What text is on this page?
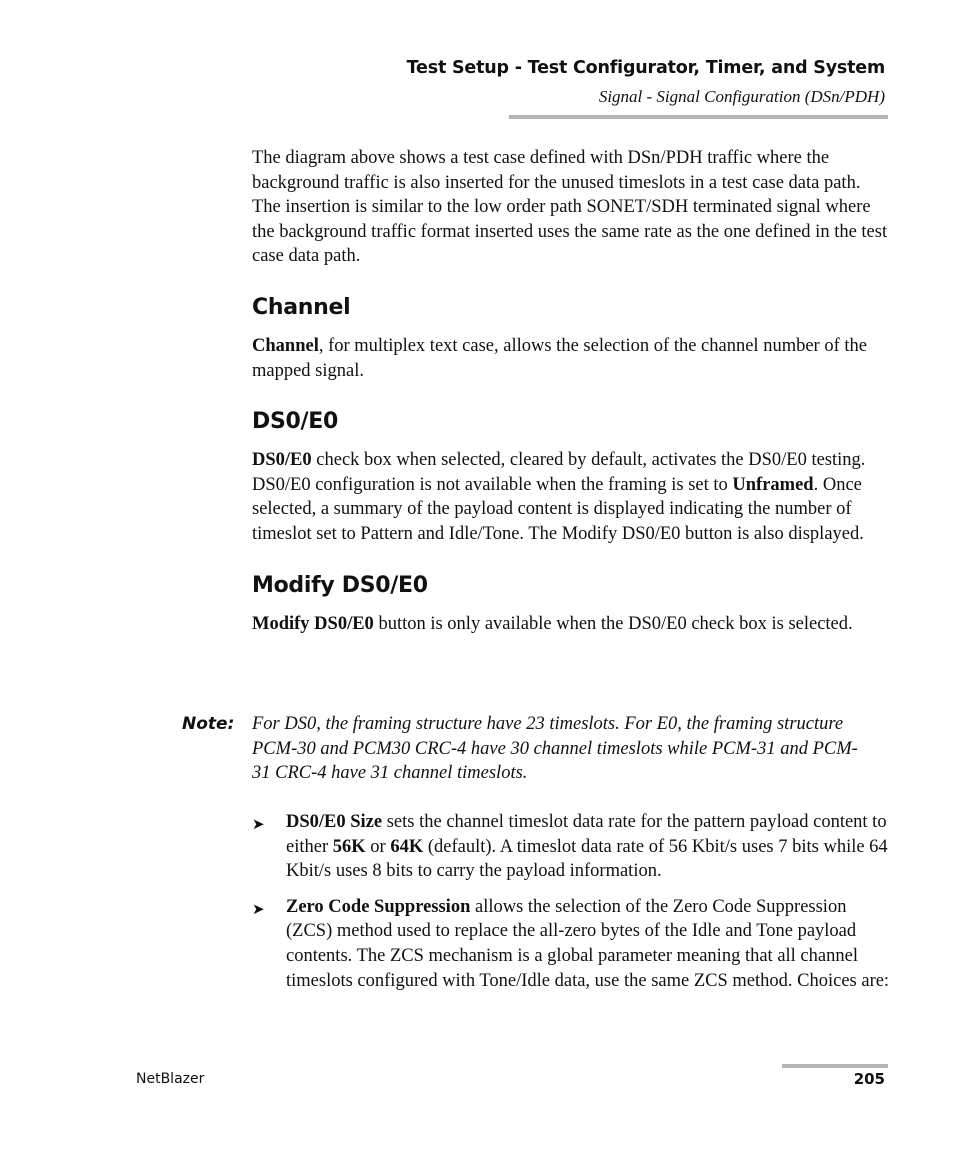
Test Setup - Test Configurator, Timer, and System
Signal - Signal Configuration (DSn/PDH)

The diagram above shows a test case defined with DSn/PDH traffic where the background traffic is also inserted for the unused timeslots in a test case data path. The insertion is similar to the low order path SONET/SDH terminated signal where the background traffic format inserted uses the same rate as the one defined in the test case data path.

Channel

Channel, for multiplex text case, allows the selection of the channel number of the mapped signal.

DS0/E0

DS0/E0 check box when selected, cleared by default, activates the DS0/E0 testing. DS0/E0 configuration is not available when the framing is set to Unframed. Once selected, a summary of the payload content is displayed indicating the number of timeslot set to Pattern and Idle/Tone. The Modify DS0/E0 button is also displayed.

Modify DS0/E0

Modify DS0/E0 button is only available when the DS0/E0 check box is selected.

Note: For DS0, the framing structure have 23 timeslots. For E0, the framing structure PCM-30 and PCM30 CRC-4 have 30 channel timeslots while PCM-31 and PCM-31 CRC-4 have 31 channel timeslots.
➤ DS0/E0 Size sets the channel timeslot data rate for the pattern payload content to either 56K or 64K (default). A timeslot data rate of 56 Kbit/s uses 7 bits while 64 Kbit/s uses 8 bits to carry the payload information.
➤ Zero Code Suppression allows the selection of the Zero Code Suppression (ZCS) method used to replace the all-zero bytes of the Idle and Tone payload contents. The ZCS mechanism is a global parameter meaning that all channel timeslots configured with Tone/Idle data, use the same ZCS method. Choices are:
NetBlazer	205
